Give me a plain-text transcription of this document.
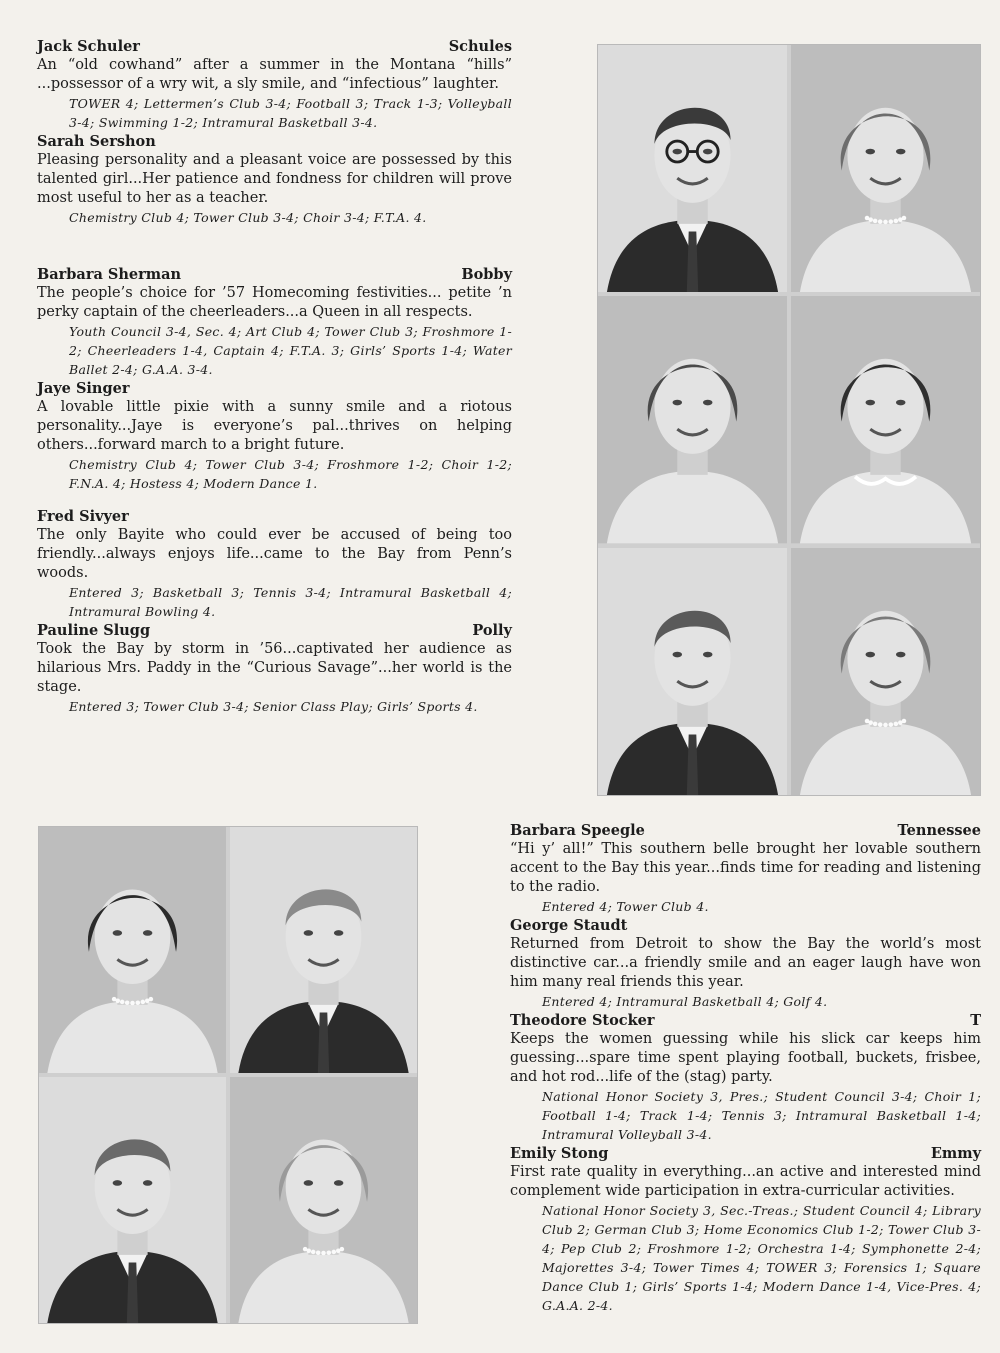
Jack Schuler	Schules
An “old cowhand” after a summer in the Montana “hills” ...possessor of a wry wit, a sly smile, and “infectious” laughter.
TOWER 4; Lettermen’s Club 3-4; Football 3; Track 1-3; Volleyball 3-4; Swimming 1-2; Intramural Basketball 3-4.
Sarah Sershon
Pleasing personality and a pleasant voice are possessed by this talented girl...Her patience and fondness for children will prove most useful to her as a teacher.
Chemistry Club 4; Tower Club 3-4; Choir 3-4; F.T.A. 4.
Barbara Sherman	Bobby
The people’s choice for ’57 Homecoming festivities... petite ’n perky captain of the cheerleaders...a Queen in all respects.
Youth Council 3-4, Sec. 4; Art Club 4; Tower Club 3; Froshmore 1-2; Cheerleaders 1-4, Captain 4; F.T.A. 3; Girls’ Sports 1-4; Water Ballet 2-4; G.A.A. 3-4.
Jaye Singer
A lovable little pixie with a sunny smile and a riotous personality...Jaye is everyone’s pal...thrives on helping others...forward march to a bright future.
Chemistry Club 4; Tower Club 3-4; Froshmore 1-2; Choir 1-2; F.N.A. 4; Hostess 4; Modern Dance 1.
Fred Sivyer
The only Bayite who could ever be accused of being too friendly...always enjoys life...came to the Bay from Penn’s woods.
Entered 3; Basketball 3; Tennis 3-4; Intramural Basketball 4; Intramural Bowling 4.
Pauline Slugg	Polly
Took the Bay by storm in ’56...captivated her audience as hilarious Mrs. Paddy in the “Curious Savage”...her world is the stage.
Entered 3; Tower Club 3-4; Senior Class Play; Girls’ Sports 4.
Barbara Speegle	Tennessee
“Hi y’ all!” This southern belle brought her lovable southern accent to the Bay this year...finds time for reading and listening to the radio.
Entered 4; Tower Club 4.
George Staudt
Returned from Detroit to show the Bay the world’s most distinctive car...a friendly smile and an eager laugh have won him many real friends this year.
Entered 4; Intramural Basketball 4; Golf 4.
Theodore Stocker	T
Keeps the women guessing while his slick car keeps him guessing...spare time spent playing football, buckets, frisbee, and hot rod...life of the (stag) party.
National Honor Society 3, Pres.; Student Council 3-4; Choir 1; Football 1-4; Track 1-4; Tennis 3; Intramural Basketball 1-4; Intramural Volleyball 3-4.
Emily Stong	Emmy
First rate quality in everything...an active and interested mind complement wide participation in extra-curricular activities.
National Honor Society 3, Sec.-Treas.; Student Council 4; Library Club 2; German Club 3; Home Economics Club 1-2; Tower Club 3-4; Pep Club 2; Froshmore 1-2; Orchestra 1-4; Symphonette 2-4; Majorettes 3-4; Tower Times 4; TOWER 3; Forensics 1; Square Dance Club 1; Girls’ Sports 1-4; Modern Dance 1-4, Vice-Pres. 4; G.A.A. 2-4.
